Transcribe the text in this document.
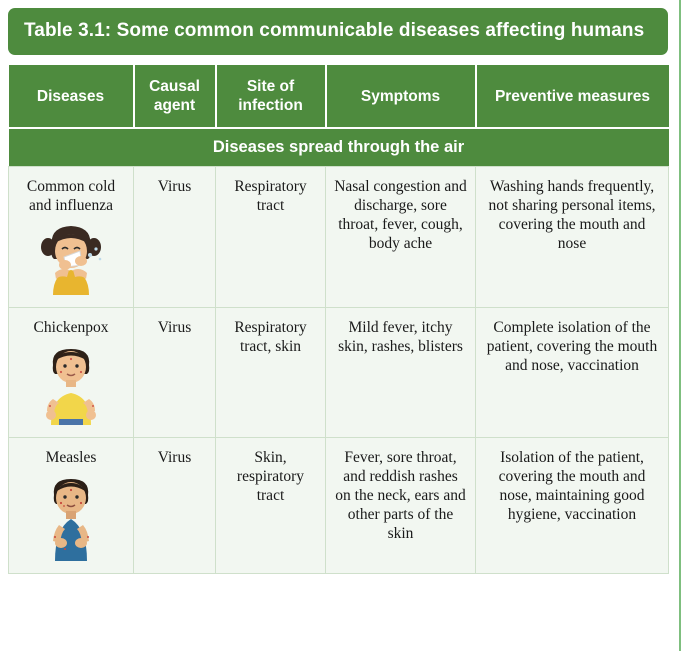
Table 3.1: Some common communicable diseases affecting humans
Diseases	Causal agent	Site of infection	Symptoms	Preventive measures
Diseases spread through the air				

Common cold and influenza	Virus	Respiratory tract	Nasal congestion and discharge, sore throat, fever, cough, body ache	Washing hands frequently, not sharing personal items, covering the mouth and nose

Chickenpox	Virus	Respiratory tract, skin	Mild fever, itchy skin, rashes, blisters	Complete isolation of the patient, covering the mouth and nose, vaccination

Measles	Virus	Skin, respiratory tract	Fever, sore throat, and reddish rashes on the neck, ears and other parts of the skin	Isolation of the patient, covering the mouth and nose, maintaining good hygiene, vaccination
